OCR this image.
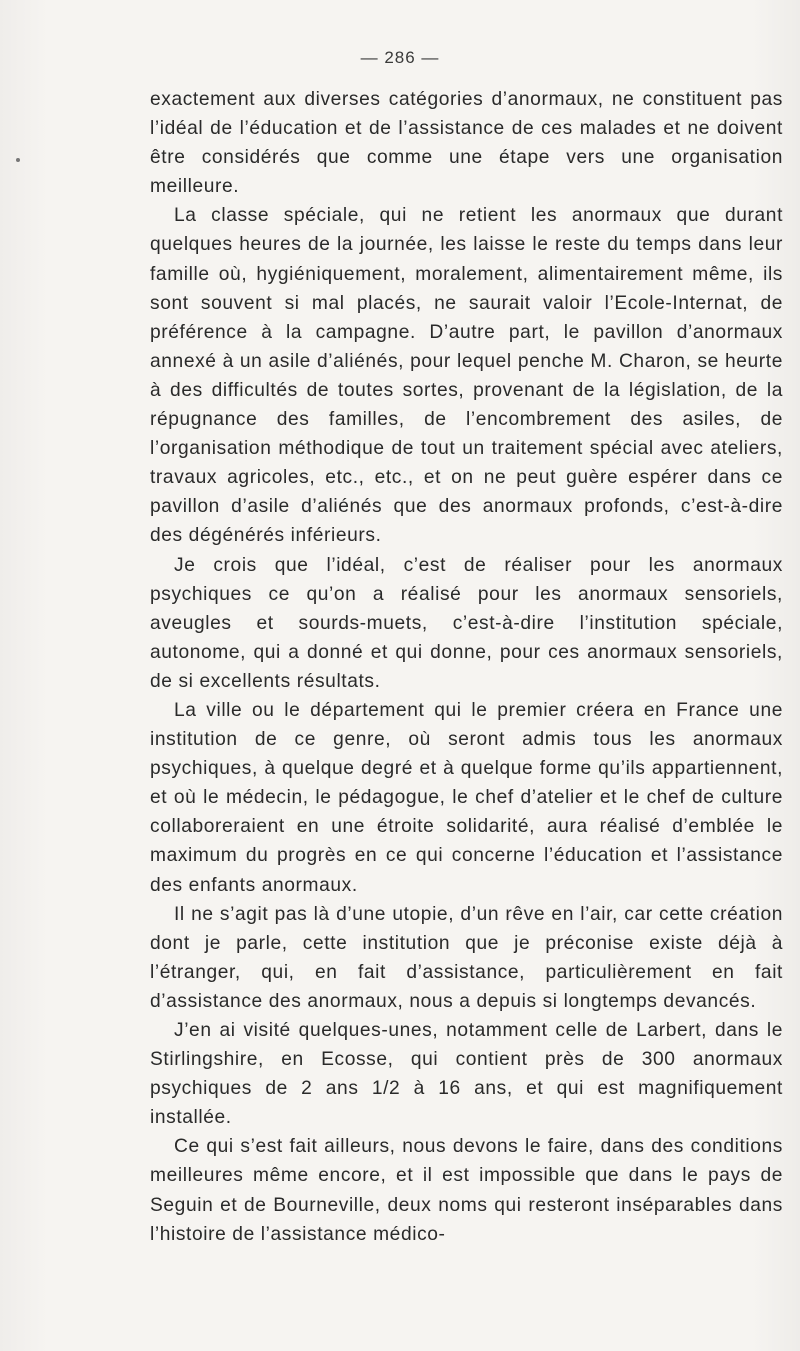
— 286 —

exactement aux diverses catégories d’anormaux, ne constituent pas l’idéal de l’éducation et de l’assistance de ces malades et ne doivent être considérés que comme une étape vers une organisation meilleure.

La classe spéciale, qui ne retient les anormaux que durant quelques heures de la journée, les laisse le reste du temps dans leur famille où, hygiéniquement, moralement, alimentairement même, ils sont souvent si mal placés, ne saurait valoir l’Ecole-Internat, de préférence à la campagne. D’autre part, le pavillon d’anormaux annexé à un asile d’aliénés, pour lequel penche M. Charon, se heurte à des difficultés de toutes sortes, provenant de la législation, de la répugnance des familles, de l’encombrement des asiles, de l’organisation méthodique de tout un traitement spécial avec ateliers, travaux agricoles, etc., etc., et on ne peut guère espérer dans ce pavillon d’asile d’aliénés que des anormaux profonds, c’est-à-dire des dégénérés inférieurs.

Je crois que l’idéal, c’est de réaliser pour les anormaux psychiques ce qu’on a réalisé pour les anormaux sensoriels, aveugles et sourds-muets, c’est-à-dire l’institution spéciale, autonome, qui a donné et qui donne, pour ces anormaux sensoriels, de si excellents résultats.

La ville ou le département qui le premier créera en France une institution de ce genre, où seront admis tous les anormaux psychiques, à quelque degré et à quelque forme qu’ils appartiennent, et où le médecin, le pédagogue, le chef d’atelier et le chef de culture collaboreraient en une étroite solidarité, aura réalisé d’emblée le maximum du progrès en ce qui concerne l’éducation et l’assistance des enfants anormaux.

Il ne s’agit pas là d’une utopie, d’un rêve en l’air, car cette création dont je parle, cette institution que je préconise existe déjà à l’étranger, qui, en fait d’assistance, particulièrement en fait d’assistance des anormaux, nous a depuis si longtemps devancés.

J’en ai visité quelques-unes, notamment celle de Larbert, dans le Stirlingshire, en Ecosse, qui contient près de 300 anormaux psychiques de 2 ans 1/2 à 16 ans, et qui est magnifiquement installée.

Ce qui s’est fait ailleurs, nous devons le faire, dans des conditions meilleures même encore, et il est impossible que dans le pays de Seguin et de Bourneville, deux noms qui resteront inséparables dans l’histoire de l’assistance médico-
